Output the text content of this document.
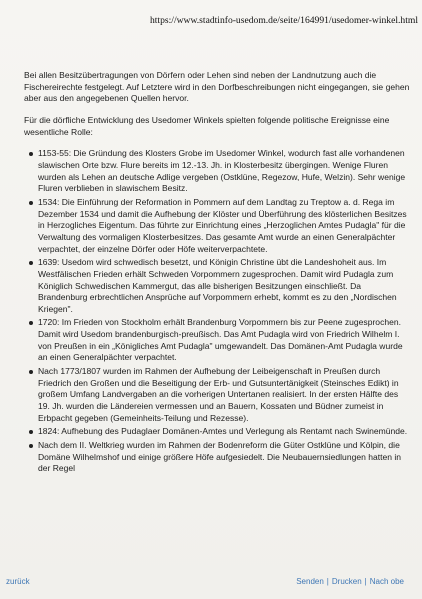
https://www.stadtinfo-usedom.de/seite/164991/usedomer-winkel.html

Bei allen Besitzübertragungen von Dörfern oder Lehen sind neben der Landnutzung auch die Fischereirechte festgelegt. Auf Letztere wird in den Dorfbeschreibungen nicht eingegangen, sie gehen aber aus den angegebenen Quellen hervor.

Für die dörfliche Entwicklung des Usedomer Winkels spielten folgende politische Ereignisse eine wesentliche Rolle:

1153-55: Die Gründung des Klosters Grobe im Usedomer Winkel, wodurch fast alle vorhandenen slawischen Orte bzw. Flure bereits im 12.-13. Jh. in Klosterbesitz übergingen. Wenige Fluren wurden als Lehen an deutsche Adlige vergeben (Ostklüne, Regezow, Hufe, Welzin). Sehr wenige Fluren verblieben in slawischem Besitz.
1534: Die Einführung der Reformation in Pommern auf dem Landtag zu Treptow a. d. Rega im Dezember 1534 und damit die Aufhebung der Klöster und Überführung des klösterlichen Besitzes in Herzogliches Eigentum. Das führte zur Einrichtung eines „Herzoglichen Amtes Pudagla" für die Verwaltung des vormaligen Klosterbesitzes. Das gesamte Amt wurde an einen Generalpächter verpachtet, der einzelne Dörfer oder Höfe weiterverpachtete.
1639: Usedom wird schwedisch besetzt, und Königin Christine übt die Landeshoheit aus. Im Westfälischen Frieden erhält Schweden Vorpommern zugesprochen. Damit wird Pudagla zum Königlich Schwedischen Kammergut, das alle bisherigen Besitzungen einschließt. Da Brandenburg erbrechtlichen Ansprüche auf Vorpommern erhebt, kommt es zu den „Nordischen Kriegen".
1720: Im Frieden von Stockholm erhält Brandenburg Vorpommern bis zur Peene zugesprochen. Damit wird Usedom brandenburgisch-preußisch. Das Amt Pudagla wird von Friedrich Wilhelm I. von Preußen in ein „Königliches Amt Pudagla" umgewandelt. Das Domänen-Amt Pudagla wurde an einen Generalpächter verpachtet.
Nach 1773/1807 wurden im Rahmen der Aufhebung der Leibeigenschaft in Preußen durch Friedrich den Großen und die Beseitigung der Erb- und Gutsuntertänigkeit (Steinsches Edikt) in großem Umfang Landvergaben an die vorherigen Untertanen realisiert. In der ersten Hälfte des 19. Jh. wurden die Ländereien vermessen und an Bauern, Kossaten und Büdner zumeist in Erbpacht gegeben (Gemeinheits-Teilung und Rezesse).
1824: Aufhebung des Pudaglaer Domänen-Amtes und Verlegung als Rentamt nach Swinemünde.
Nach dem II. Weltkrieg wurden im Rahmen der Bodenreform die Güter Ostklüne und Kölpin, die Domäne Wilhelmshof und einige größere Höfe aufgesiedelt. Die Neubauernsiedlungen hatten in der Regel
zurück	Senden | Drucken | Nach obe
